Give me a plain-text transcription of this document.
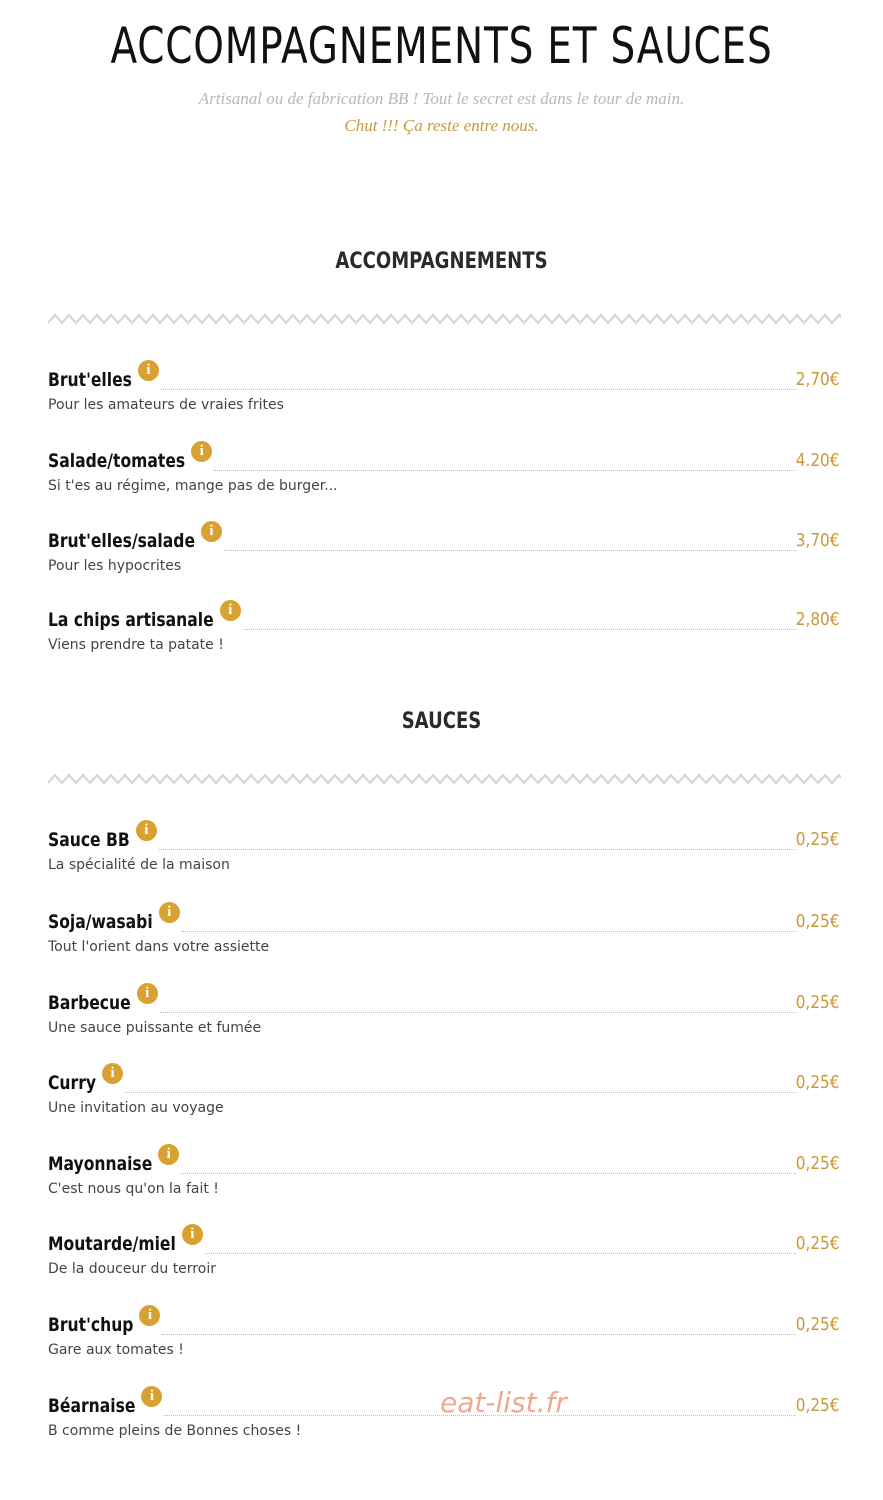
ACCOMPAGNEMENTS ET SAUCES
Artisanal ou de fabrication BB ! Tout le secret est dans le tour de main.
Chut !!! Ça reste entre nous.
ACCOMPAGNEMENTS
Brut'elles i	2,70€
Pour les amateurs de vraies frites
Salade/tomates i	4.20€
Si t'es au régime, mange pas de burger...
Brut'elles/salade i	3,70€
Pour les hypocrites
La chips artisanale i	2,80€
Viens prendre ta patate !
SAUCES
Sauce BB i	0,25€
La spécialité de la maison
Soja/wasabi i	0,25€
Tout l'orient dans votre assiette
Barbecue i	0,25€
Une sauce puissante et fumée
Curry i	0,25€
Une invitation au voyage
Mayonnaise i	0,25€
C'est nous qu'on la fait !
Moutarde/miel i	0,25€
De la douceur du terroir
Brut'chup i	0,25€
Gare aux tomates !
Béarnaise i	0,25€
B comme pleins de Bonnes choses !
eat-list.fr
